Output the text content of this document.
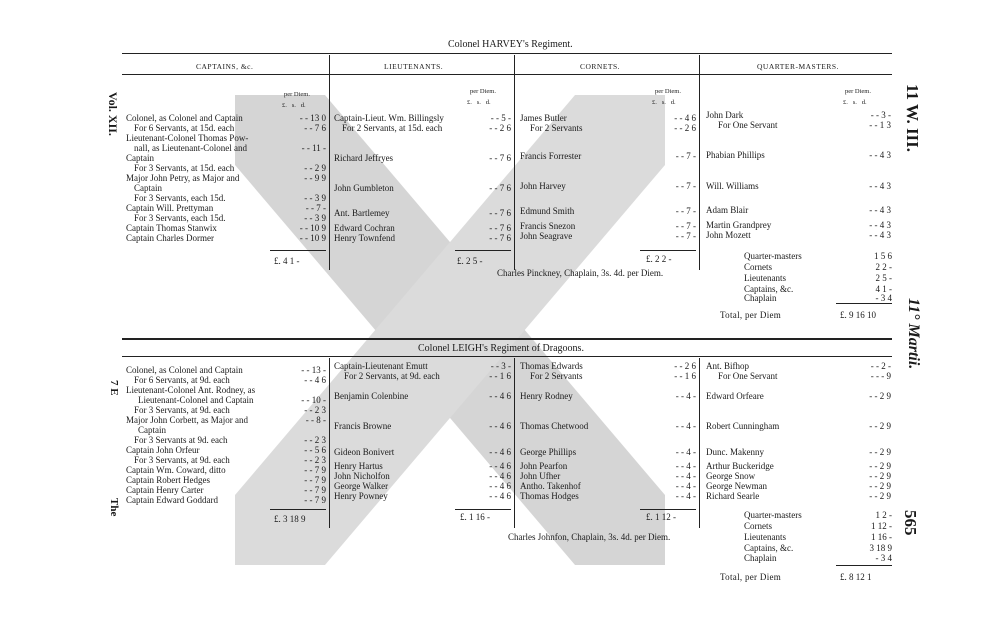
Colonel HARVEY's Regiment.
CAPTAINS, &c.	LIEUTENANTS.	CORNETS.	QUARTER-MASTERS.
per Diem.	per Diem.	per Diem.	per Diem.
£. s. d.	£. s. d.	£. s. d.	£. s. d.
Colonel, as Colonel and Captain	- - 13 0
For 6 Servants, at 15d. each	- - 7 6
Lieutenant-Colonel Thomas Pow-
nall, as Lieutenant-Colonel and	- - 11 -
Captain
For 3 Servants, at 15d. each	- - 2 9
Major John Petry, as Major and	- - 9 9
Captain
For 3 Servants, each 15d.	- - 3 9
Captain Will. Prettyman	- - 7 -
For 3 Servants, each 15d.	- - 3 9
Captain Thomas Stanwix	- - 10 9
Captain Charles Dormer	- - 10 9
£. 4 1 -
Captain-Lieut. Wm. Billingsly	- - 5 -
For 2 Servants, at 15d. each	- - 2 6
Richard Jeffryes	- - 7 6
John Gumbleton	- - 7 6
Ant. Bartlemey	- - 7 6
Edward Cochran	- - 7 6
Henry Townfend	- - 7 6
£. 2 5 -
James Butler	- - 4 6
For 2 Servants	- - 2 6
Francis Forrester	- - 7 -
John Harvey	- - 7 -
Edmund Smith	- - 7 -
Francis Snezon	- - 7 -
John Seagrave	- - 7 -
£. 2 2 -
John Dark	- - 3 -
For One Servant	- - 1 3
Phabian Phillips	- - 4 3
Will. Williams	- - 4 3
Adam Blair	- - 4 3
Martin Grandprey	- - 4 3
John Mozett	- - 4 3
Charles Pinckney, Chaplain, 3s. 4d. per Diem.
Quarter-masters	1 5 6
Cornets	2 2 -
Lieutenants	2 5 -
Captains, &c.	4 1 -
Chaplain	- 3 4
Total, per Diem	£. 9 16 10
Colonel LEIGH's Regiment of Dragoons.
Colonel, as Colonel and Captain	- - 13 -
For 6 Servants, at 9d. each	- - 4 6
Lieutenant-Colonel Ant. Rodney, as
Lieutenant-Colonel and Captain	- - 10 -
For 3 Servants, at 9d. each	- - 2 3
Major John Corbett, as Major and	- - 8 -
Captain
For 3 Servants at 9d. each	- - 2 3
Captain John Orfeur	- - 5 6
For 3 Servants, at 9d. each	- - 2 3
Captain Wm. Coward, ditto	- - 7 9
Captain Robert Hedges	- - 7 9
Captain Henry Carter	- - 7 9
Captain Edward Goddard	- - 7 9
£. 3 18 9
Captain-Lieutenant Emutt	- - 3 -
For 2 Servants, at 9d. each	- - 1 6
Benjamin Colenbine	- - 4 6
Francis Browne	- - 4 6
Gideon Bonivert	- - 4 6
Henry Hartus	- - 4 6
John Nicholfon	- - 4 6
George Walker	- - 4 6
Henry Powney	- - 4 6
£. 1 16 -
Thomas Edwards	- - 2 6
For 2 Servants	- - 1 6
Henry Rodney	- - 4 -
Thomas Chetwood	- - 4 -
George Phillips	- - 4 -
John Pearfon	- - 4 -
John Ufher	- - 4 -
Antho. Takenhof	- - 4 -
Thomas Hodges	- - 4 -
£. 1 12 -
Ant. Bifhop	- - 2 -
For One Servant	- - - 9
Edward Orfeare	- - 2 9
Robert Cunningham	- - 2 9
Dunc. Makenny	- - 2 9
Arthur Buckeridge	- - 2 9
George Snow	- - 2 9
George Newman	- - 2 9
Richard Searle	- - 2 9
Charles Johnfon, Chaplain, 3s. 4d. per Diem.
Quarter-masters	1 2 -
Cornets	1 12 -
Lieutenants	1 16 -
Captains, &c.	3 18 9
Chaplain	- 3 4
Total, per Diem	£. 8 12 1
Vol. XII.
7 E
The
11 W. III.
11° Martii.
565
